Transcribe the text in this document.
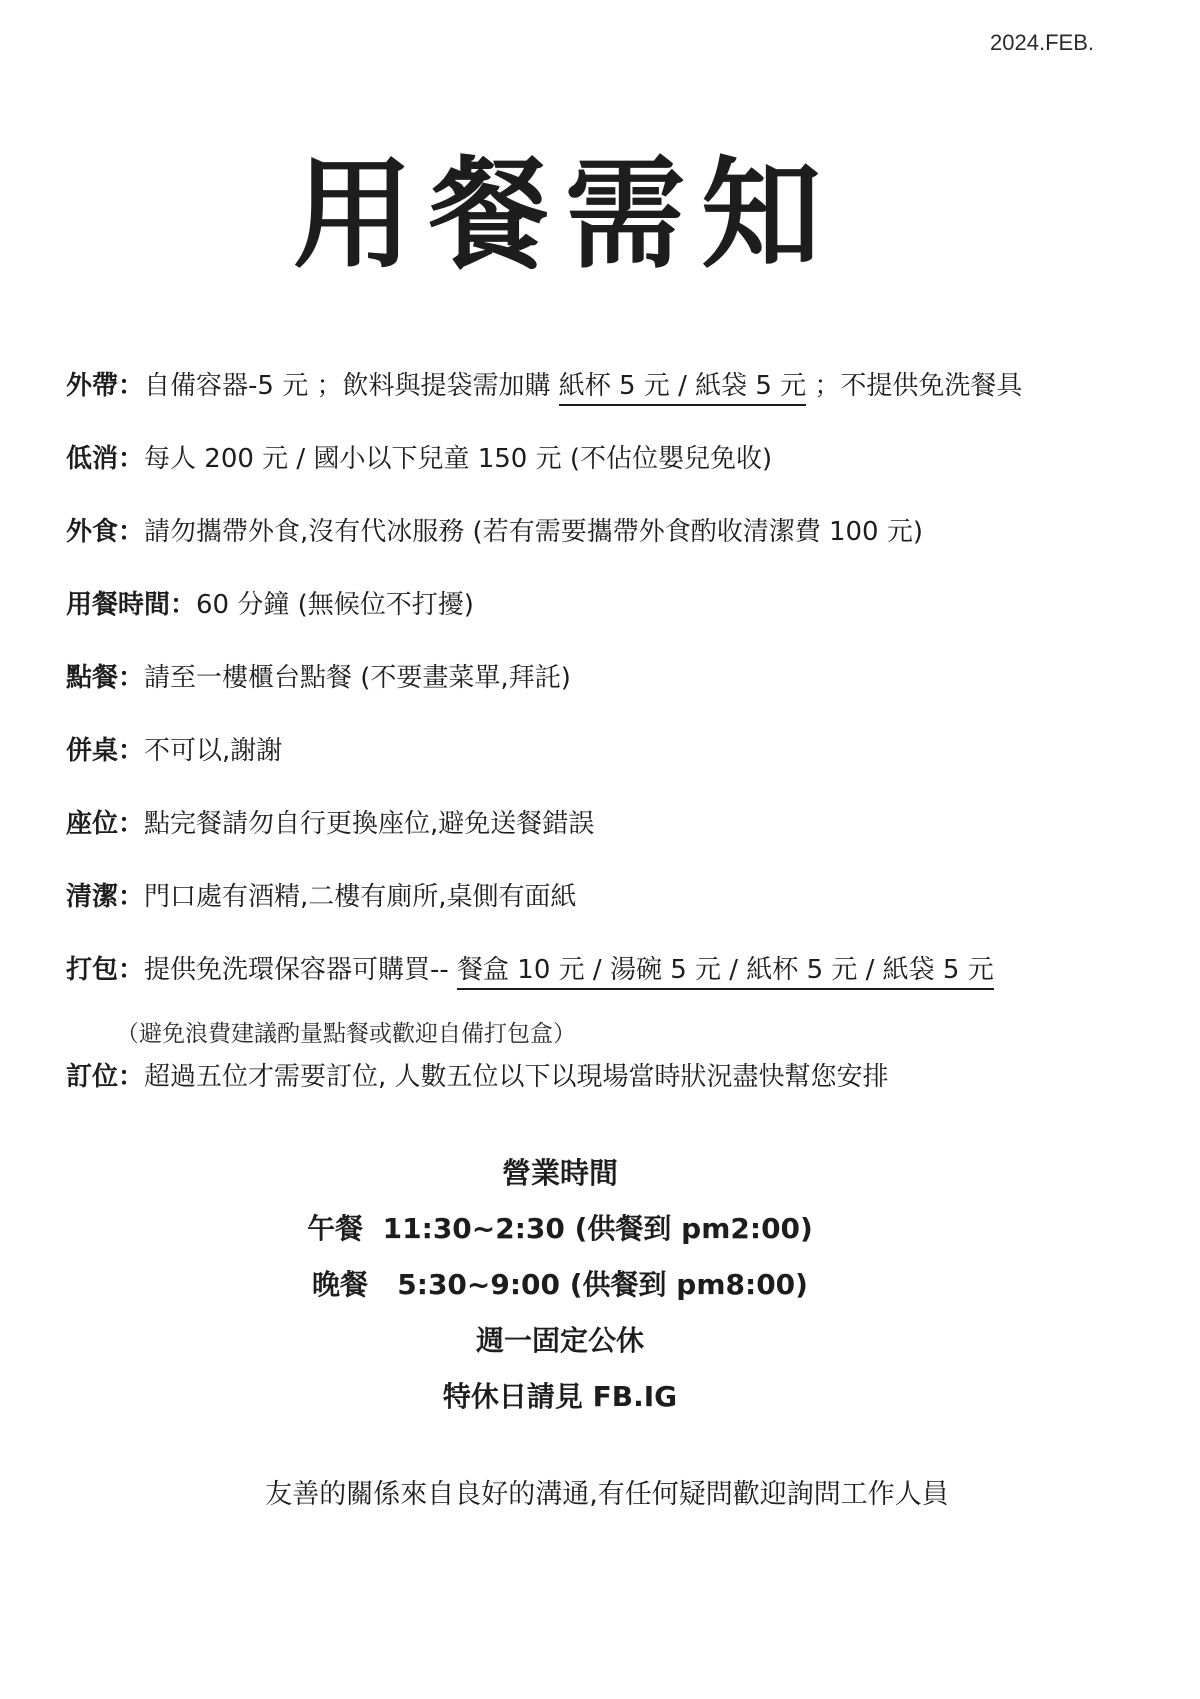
2024.FEB.
用餐需知

外帶：自備容器-5 元 ；飲料與提袋需加購 紙杯 5 元 / 紙袋 5 元 ；不提供免洗餐具

低消：每人 200 元 / 國小以下兒童 150 元 (不佔位嬰兒免收)

外食：請勿攜帶外食,沒有代冰服務 (若有需要攜帶外食酌收清潔費 100 元)

用餐時間：60 分鐘 (無候位不打擾)

點餐：請至一樓櫃台點餐 (不要畫菜單,拜託)

併桌：不可以,謝謝

座位：點完餐請勿自行更換座位,避免送餐錯誤

清潔：門口處有酒精,二樓有廁所,桌側有面紙

打包：提供免洗環保容器可購買-- 餐盒 10 元 / 湯碗 5 元 / 紙杯 5 元 / 紙袋 5 元

（避免浪費建議酌量點餐或歡迎自備打包盒）

訂位：超過五位才需要訂位, 人數五位以下以現場當時狀況盡快幫您安排

營業時間

午餐  11:30~2:30 (供餐到 pm2:00)

晚餐   5:30~9:00 (供餐到 pm8:00)

週一固定公休

特休日請見 FB.IG

友善的關係來自良好的溝通,有任何疑問歡迎詢問工作人員
